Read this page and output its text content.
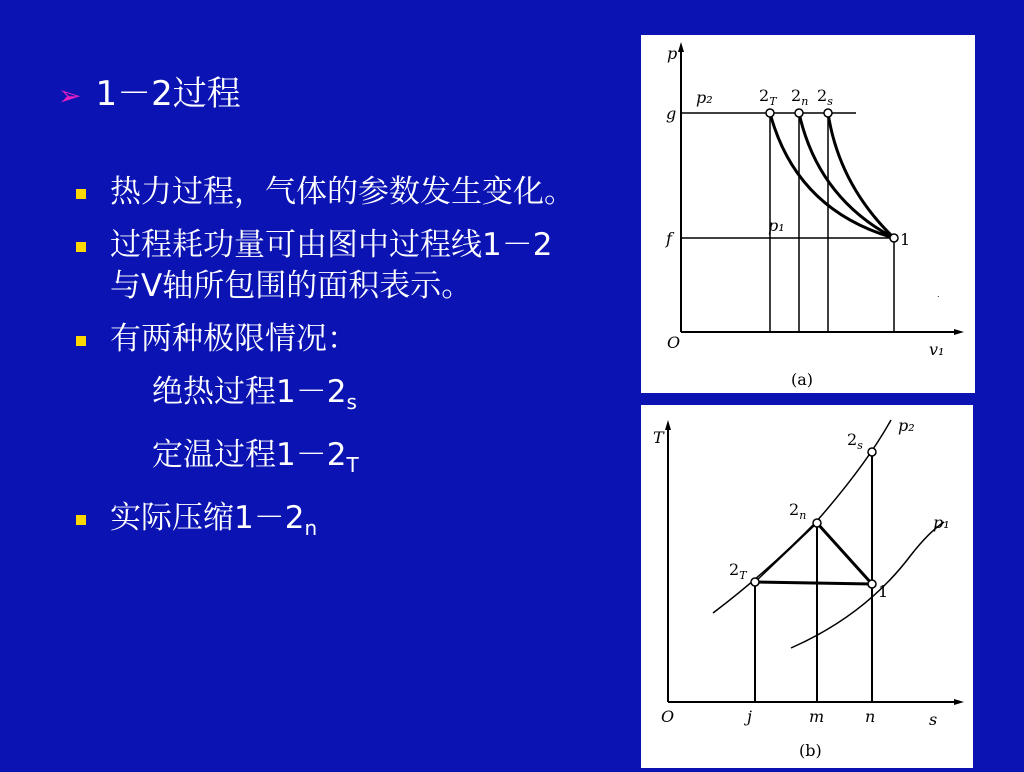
➢ 1－2过程
热力过程，气体的参数发生变化。
过程耗功量可由图中过程线1－2与V轴所包围的面积表示。
有两种极限情况：
绝热过程$1-2_s$
定温过程$1-2_T$
实际压缩$1-2_n$
.
p
g
p₂
f
p₁
$2_T$ $2_n$ $2_s$
1
O	v₁
(a)
T
p₂
p₁
$2_s$
$2_n$
$2_T$
1
O	j	m	n	s
(b)
